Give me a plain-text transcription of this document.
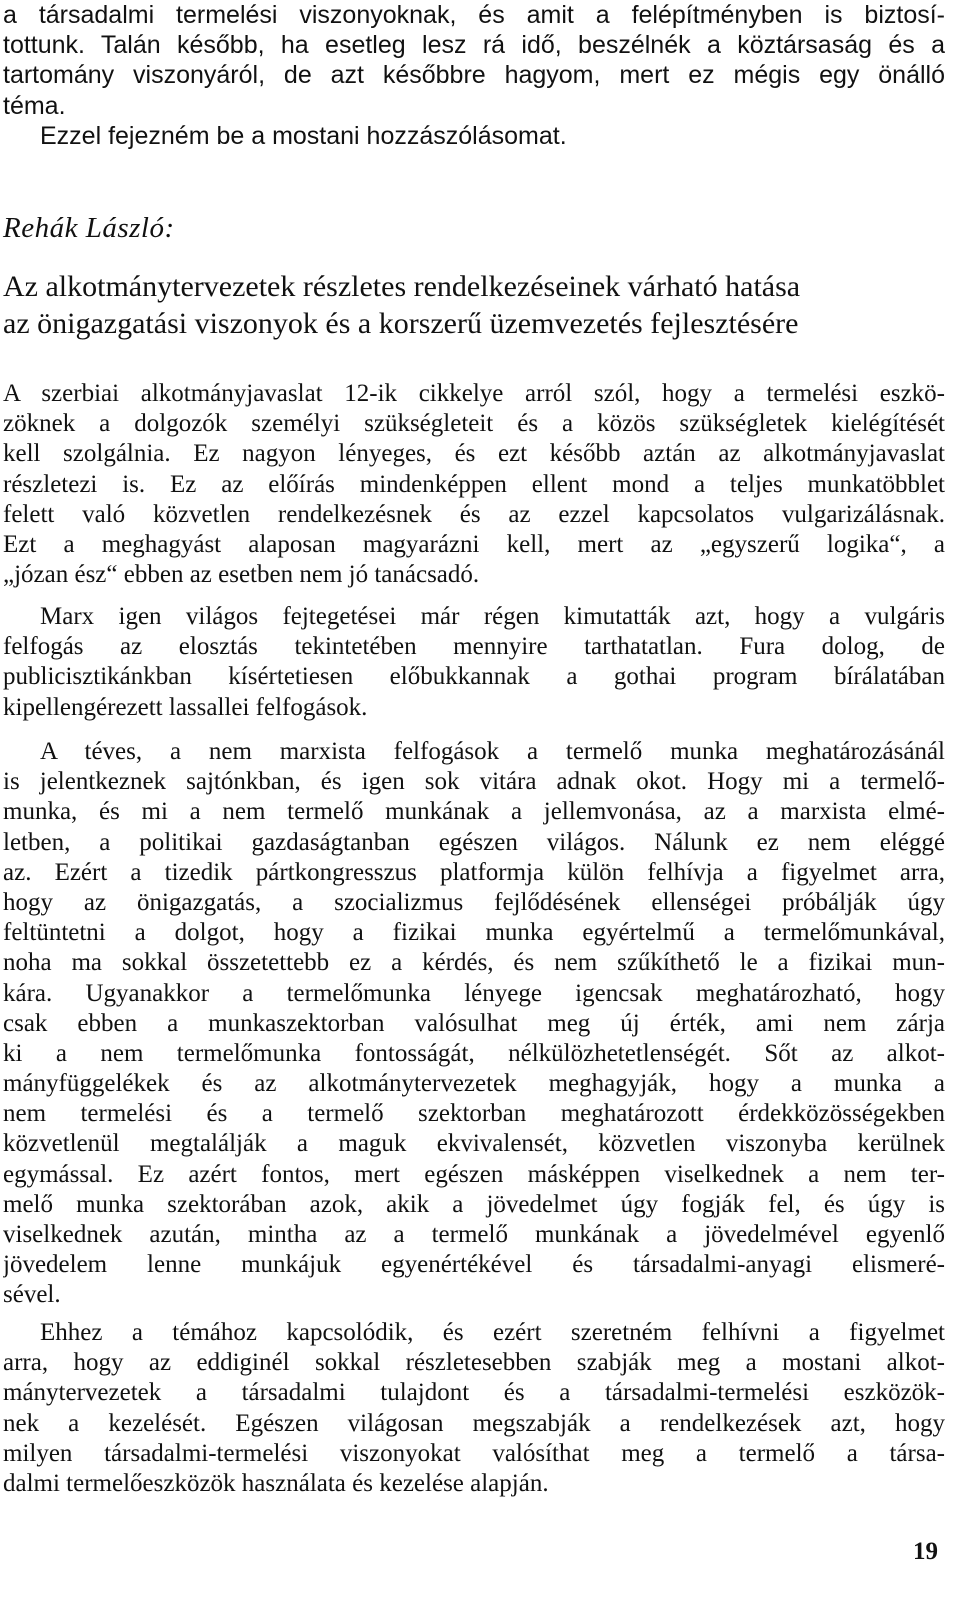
a társadalmi termelési viszonyoknak, és amit a felépítményben is biztosí-
tottunk. Talán később, ha esetleg lesz rá idő, beszélnék a köztársaság és a
tartomány viszonyáról, de azt későbbre hagyom, mert ez mégis egy önálló
téma.
Ezzel fejezném be a mostani hozzászólásomat.
Rehák László:
Az alkotmánytervezetek részletes rendelkezéseinek várható hatása
az önigazgatási viszonyok és a korszerű üzemvezetés fejlesztésére
A szerbiai alkotmányjavaslat 12-ik cikkelye arról szól, hogy a termelési eszkö-
zöknek a dolgozók személyi szükségleteit és a közös szükségletek kielégítését
kell szolgálnia. Ez nagyon lényeges, és ezt később aztán az alkotmányjavaslat
részletezi is. Ez az előírás mindenképpen ellent mond a teljes munkatöbblet
felett való közvetlen rendelkezésnek és az ezzel kapcsolatos vulgarizálásnak.
Ezt a meghagyást alaposan magyarázni kell, mert az „egyszerű logika“, a
„józan ész“ ebben az esetben nem jó tanácsadó.
Marx igen világos fejtegetései már régen kimutatták azt, hogy a vulgáris
felfogás az elosztás tekintetében mennyire tarthatatlan. Fura dolog, de
publicisztikánkban kísértetiesen előbukkannak a gothai program bírálatában
kipellengérezett lassallei felfogások.
A téves, a nem marxista felfogások a termelő munka meghatározásánál
is jelentkeznek sajtónkban, és igen sok vitára adnak okot. Hogy mi a termelő-
munka, és mi a nem termelő munkának a jellemvonása, az a marxista elmé-
letben, a politikai gazdaságtanban egészen világos. Nálunk ez nem eléggé
az. Ezért a tizedik pártkongresszus platformja külön felhívja a figyelmet arra,
hogy az önigazgatás, a szocializmus fejlődésének ellenségei próbálják úgy
feltüntetni a dolgot, hogy a fizikai munka egyértelmű a termelőmunkával,
noha ma sokkal összetettebb ez a kérdés, és nem szűkíthető le a fizikai mun-
kára. Ugyanakkor a termelőmunka lényege igencsak meghatározható, hogy
csak ebben a munkaszektorban valósulhat meg új érték, ami nem zárja
ki a nem termelőmunka fontosságát, nélkülözhetetlenségét. Sőt az alkot-
mányfüggelékek és az alkotmánytervezetek meghagyják, hogy a munka a
nem termelési és a termelő szektorban meghatározott érdekközösségekben
közvetlenül megtalálják a maguk ekvivalensét, közvetlen viszonyba kerülnek
egymással. Ez azért fontos, mert egészen másképpen viselkednek a nem ter-
melő munka szektorában azok, akik a jövedelmet úgy fogják fel, és úgy is
viselkednek azután, mintha az a termelő munkának a jövedelmével egyenlő
jövedelem lenne munkájuk egyenértékével és társadalmi-anyagi elismeré-
sével.
Ehhez a témához kapcsolódik, és ezért szeretném felhívni a figyelmet
arra, hogy az eddiginél sokkal részletesebben szabják meg a mostani alkot-
mánytervezetek a társadalmi tulajdont és a társadalmi-termelési eszközök-
nek a kezelését. Egészen világosan megszabják a rendelkezések azt, hogy
milyen társadalmi-termelési viszonyokat valósíthat meg a termelő a társa-
dalmi termelőeszközök használata és kezelése alapján.
19
